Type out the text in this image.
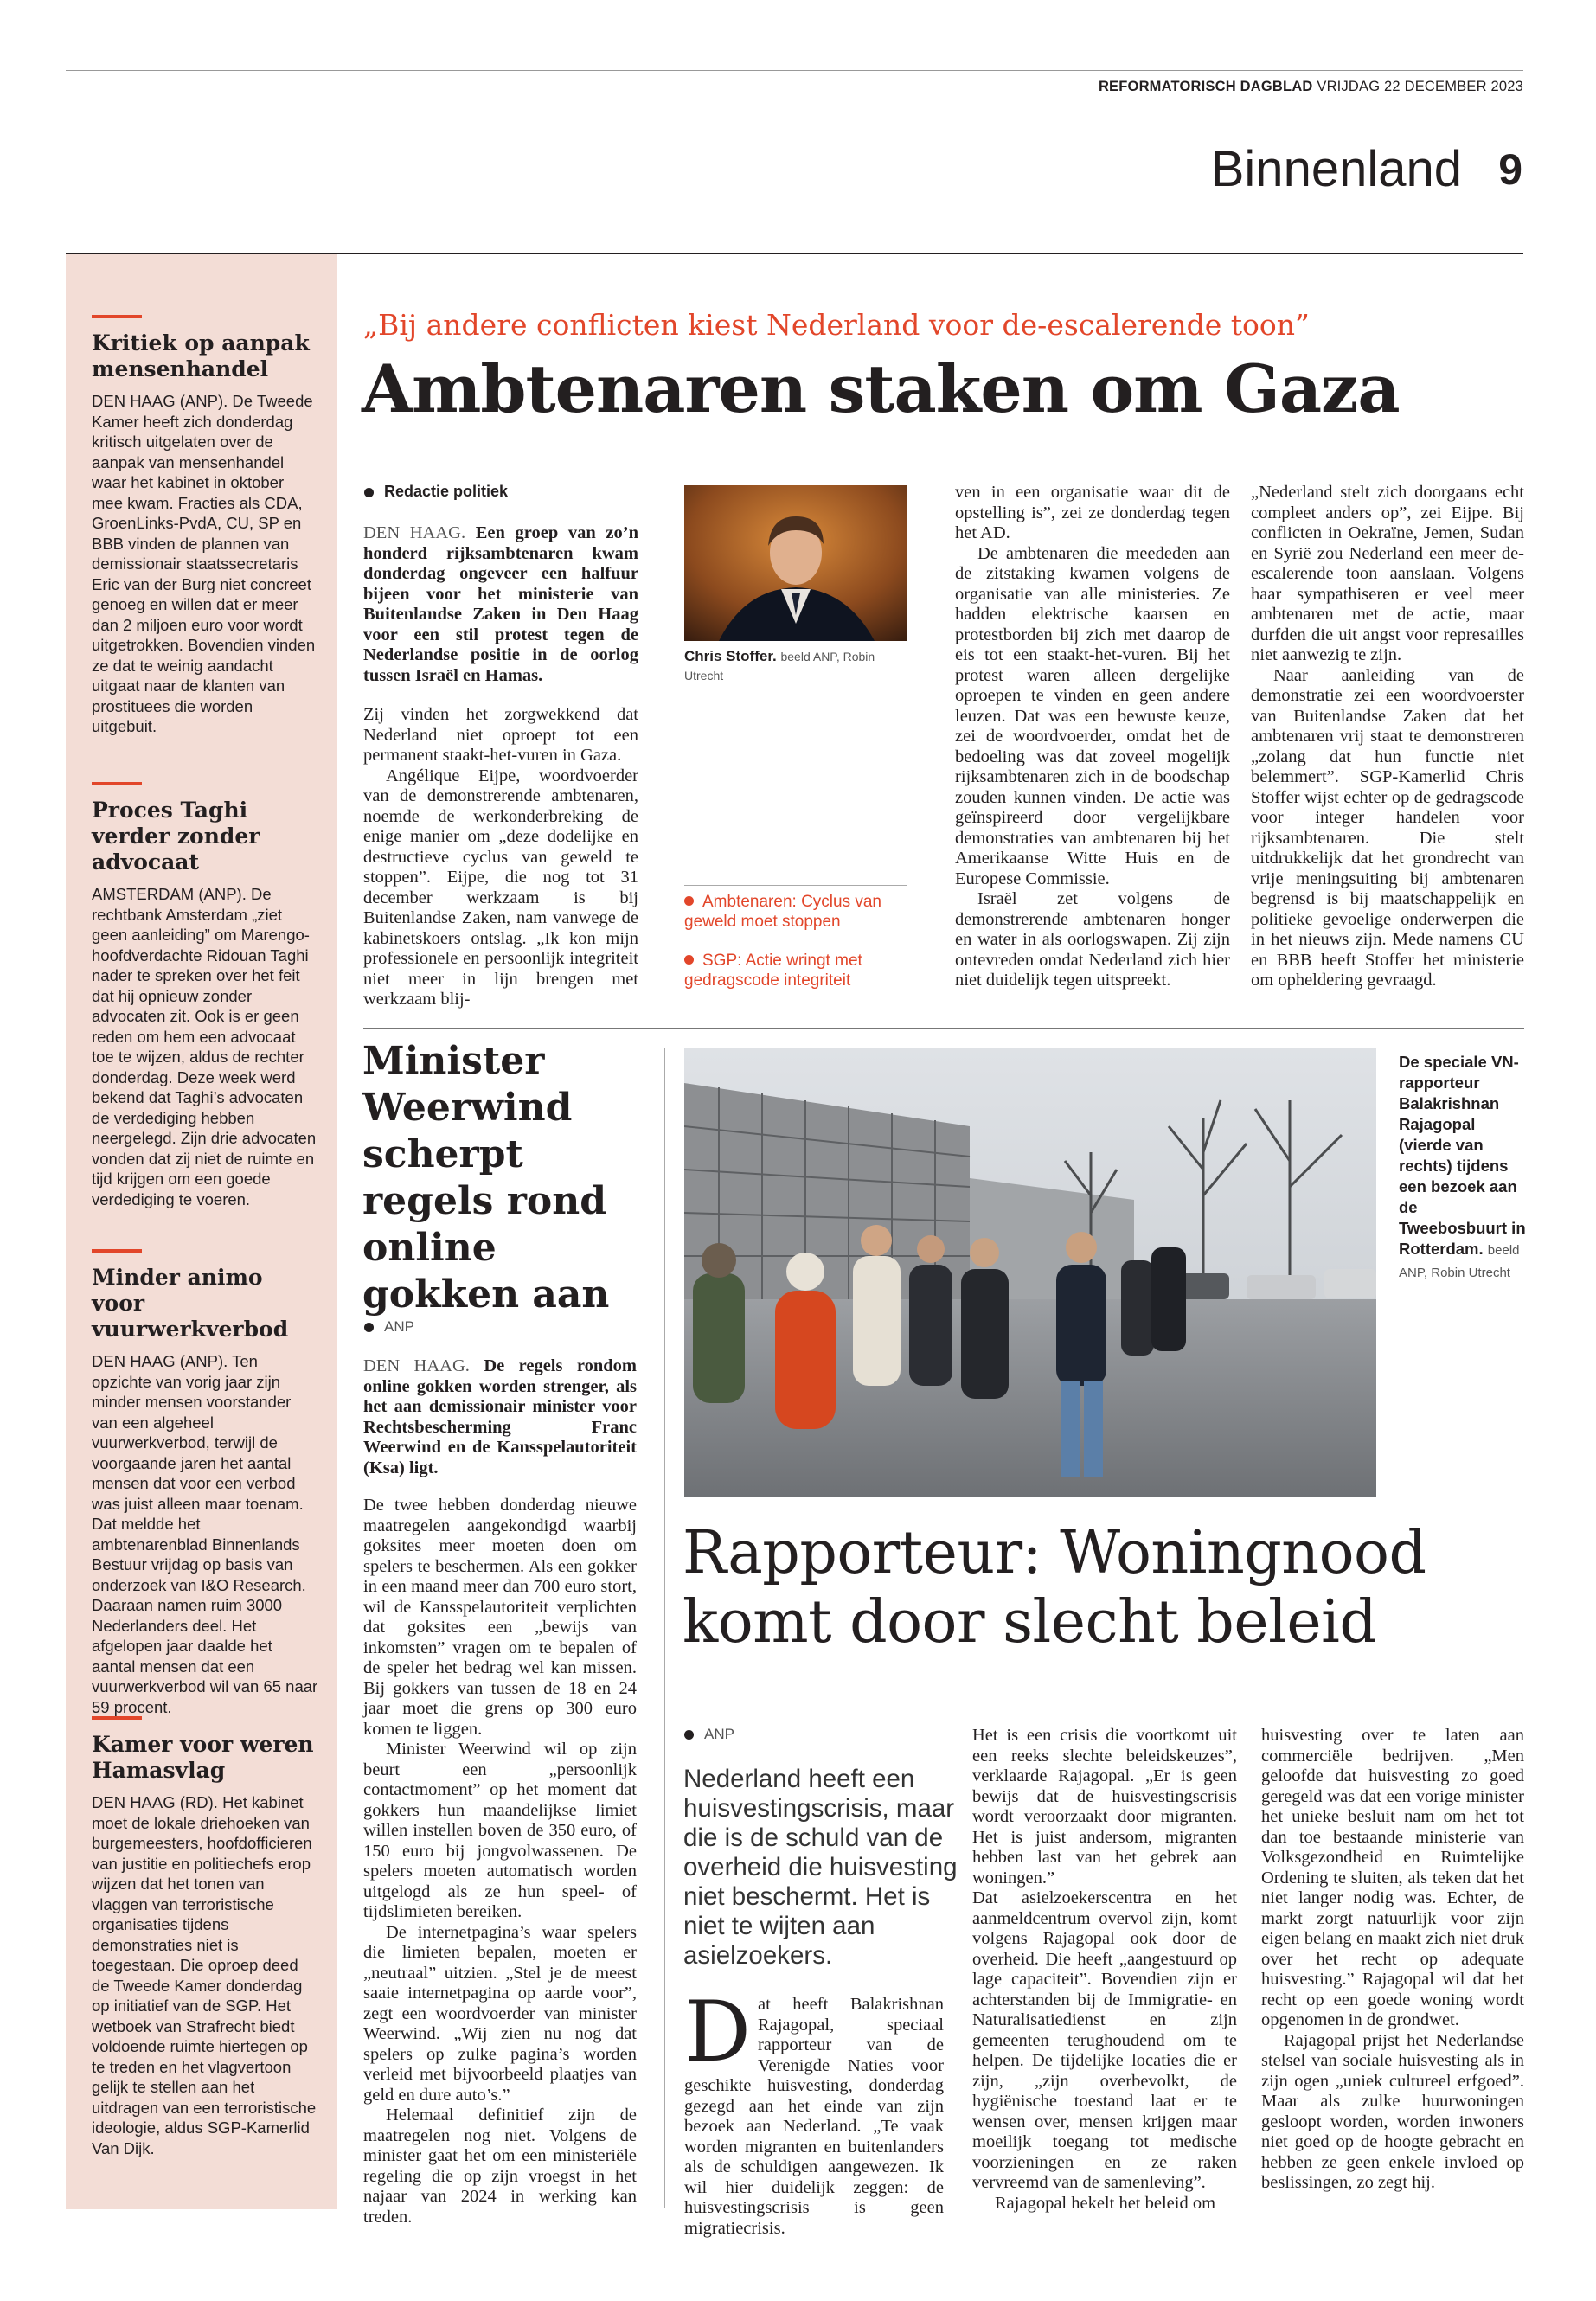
REFORMATORISCH DAGBLAD VRIJDAG 22 DECEMBER 2023
Binnenland 9
Kritiek op aanpak mensenhandel

DEN HAAG (ANP). De Tweede Kamer heeft zich donderdag kritisch uitgelaten over de aanpak van mensenhandel waar het kabinet in oktober mee kwam. Fracties als CDA, GroenLinks-PvdA, CU, SP en BBB vinden de plannen van demissionair staatssecretaris Eric van der Burg niet concreet genoeg en willen dat er meer dan 2 miljoen euro voor wordt uitgetrokken. Bovendien vinden ze dat te weinig aandacht uitgaat naar de klanten van prostituees die worden uitgebuit.

Proces Taghi verder zonder advocaat

AMSTERDAM (ANP). De rechtbank Amsterdam „ziet geen aanleiding” om Marengo-hoofdverdachte Ridouan Taghi nader te spreken over het feit dat hij opnieuw zonder advocaten zit. Ook is er geen reden om hem een advocaat toe te wijzen, aldus de rechter donderdag. Deze week werd bekend dat Taghi’s advocaten de verdediging hebben neergelegd. Zijn drie advocaten vonden dat zij niet de ruimte en tijd krijgen om een goede verdediging te voeren.

Minder animo voor vuurwerkverbod

DEN HAAG (ANP). Ten opzichte van vorig jaar zijn minder mensen voorstander van een algeheel vuurwerkverbod, terwijl de voorgaande jaren het aantal mensen dat voor een verbod was juist alleen maar toenam. Dat meldde het ambtenarenblad Binnenlands Bestuur vrijdag op basis van onderzoek van I&O Research. Daaraan namen ruim 3000 Nederlanders deel. Het afgelopen jaar daalde het aantal mensen dat een vuurwerkverbod wil van 65 naar 59 procent.

Kamer voor weren Hamasvlag

DEN HAAG (RD). Het kabinet moet de lokale driehoeken van burgemeesters, hoofdofficieren van justitie en politiechefs erop wijzen dat het tonen van vlaggen van terroristische organisaties tijdens demonstraties niet is toegestaan. Die oproep deed de Tweede Kamer donderdag op initiatief van de SGP. Het wetboek van Strafrecht biedt voldoende ruimte hiertegen op te treden en het vlagvertoon gelijk te stellen aan het uitdragen van een terroristische ideologie, aldus SGP-Kamerlid Van Dijk.

„Bij andere conflicten kiest Nederland voor de-escalerende toon”
Ambtenaren staken om Gaza
Redactie politiek

DEN HAAG. Een groep van zo’n honderd rijksambtenaren kwam donderdag ongeveer een halfuur bijeen voor het ministerie van Buitenlandse Zaken in Den Haag voor een stil protest tegen de Nederlandse positie in de oorlog tussen Israël en Hamas.

Zij vinden het zorgwekkend dat Nederland niet oproept tot een permanent staakt-het-vuren in Gaza.

Angélique Eijpe, woordvoerder van de demonstrerende ambtenaren, noemde de werkonderbreking de enige manier om „deze dodelijke en destructieve cyclus van geweld te stoppen”. Eijpe, die nog tot 31 december werkzaam is bij Buitenlandse Zaken, nam vanwege de kabinetskoers ontslag. „Ik kon mijn professionele en persoonlijk integriteit niet meer in lijn brengen met werkzaam blij-

Chris Stoffer. beeld ANP, Robin Utrecht
Ambtenaren: Cyclus van geweld moet stoppen
SGP: Actie wringt met gedragscode integriteit

ven in een organisatie waar dit de opstelling is”, zei ze donderdag tegen het AD.

De ambtenaren die meededen aan de zitstaking kwamen volgens de organisatie van alle ministeries. Ze hadden elektrische kaarsen en protestborden bij zich met daarop de eis tot een staakt-het-vuren. Bij het protest waren alleen dergelijke oproepen te vinden en geen andere leuzen. Dat was een bewuste keuze, zei de woordvoerder, omdat het de bedoeling was dat zoveel mogelijk rijksambtenaren zich in de boodschap zouden kunnen vinden. De actie was geïnspireerd door vergelijkbare demonstraties van ambtenaren bij het Amerikaanse Witte Huis en de Europese Commissie.

Israël zet volgens de demonstrerende ambtenaren honger en water in als oorlogswapen. Zij zijn ontevreden omdat Nederland zich hier niet duidelijk tegen uitspreekt.

„Nederland stelt zich doorgaans echt compleet anders op”, zei Eijpe. Bij conflicten in Oekraïne, Jemen, Sudan en Syrië zou Nederland een meer de-escalerende toon aanslaan. Volgens haar sympathiseren er veel meer ambtenaren met de actie, maar durfden die uit angst voor represailles niet aanwezig te zijn.

Naar aanleiding van de demonstratie zei een woordvoerster van Buitenlandse Zaken dat het ambtenaren vrij staat te demonstreren „zolang dat hun functie niet belemmert”. SGP-Kamerlid Chris Stoffer wijst echter op de gedragscode voor integer handelen voor rijksambtenaren. Die stelt uitdrukkelijk dat het grondrecht van vrije meningsuiting bij ambtenaren begrensd is bij maatschappelijk en politieke gevoelige onderwerpen die in het nieuws zijn. Mede namens CU en BBB heeft Stoffer het ministerie om opheldering gevraagd.

Minister Weerwind scherpt regels rond online gokken aan
ANP

DEN HAAG. De regels rondom online gokken worden strenger, als het aan demissionair minister voor Rechtsbescherming Franc Weerwind en de Kansspelautoriteit (Ksa) ligt.

De twee hebben donderdag nieuwe maatregelen aangekondigd waarbij goksites meer moeten doen om spelers te beschermen. Als een gokker in een maand meer dan 700 euro stort, wil de Kansspelautoriteit verplichten dat goksites een „bewijs van inkomsten” vragen om te bepalen of de speler het bedrag wel kan missen. Bij gokkers van tussen de 18 en 24 jaar moet die grens op 300 euro komen te liggen.

Minister Weerwind wil op zijn beurt een „persoonlijk contactmoment” op het moment dat gokkers hun maandelijkse limiet willen instellen boven de 350 euro, of 150 euro bij jongvolwassenen. De spelers moeten automatisch worden uitgelogd als ze hun speel- of tijdslimieten bereiken.

De internetpagina’s waar spelers die limieten bepalen, moeten er „neutraal” uitzien. „Stel je de meest saaie internetpagina op aarde voor”, zegt een woordvoerder van minister Weerwind. „Wij zien nu nog dat spelers op zulke pagina’s worden verleid met bijvoorbeeld plaatjes van geld en dure auto’s.”

Helemaal definitief zijn de maatregelen nog niet. Volgens de minister gaat het om een ministeriële regeling die op zijn vroegst in het najaar van 2024 in werking kan treden.

De speciale VN-rapporteur Balakrishnan Rajagopal (vierde van rechts) tijdens een bezoek aan de Tweebosbuurt in Rotterdam. beeld ANP, Robin Utrecht
Rapporteur: Woningnood komt door slecht beleid
ANP
Nederland heeft een huisvestingscrisis, maar die is de schuld van de overheid die huisvesting niet beschermt. Het is niet te wijten aan asielzoekers.

Dat heeft Balakrishnan Rajagopal, speciaal rapporteur van de Verenigde Naties voor geschikte huisvesting, donderdag gezegd aan het einde van zijn bezoek aan Nederland. „Te vaak worden migranten en buitenlanders als de schuldigen aangewezen. Ik wil hier duidelijk zeggen: de huisvestingscrisis is geen migratiecrisis.

Het is een crisis die voortkomt uit een reeks slechte beleidskeuzes”, verklaarde Rajagopal. „Er is geen bewijs dat de huisvestingscrisis wordt veroorzaakt door migranten. Het is juist andersom, migranten hebben last van het gebrek aan woningen.”

Dat asielzoekerscentra en het aanmeldcentrum overvol zijn, komt volgens Rajagopal ook door de overheid. Die heeft „aangestuurd op lage capaciteit”. Bovendien zijn er achterstanden bij de Immigratie- en Naturalisatiedienst en zijn gemeenten terughoudend om te helpen. De tijdelijke locaties die er zijn, „zijn overbevolkt, de hygiënische toestand laat er te wensen over, mensen krijgen maar moeilijk toegang tot medische voorzieningen en ze raken vervreemd van de samenleving”.

Rajagopal hekelt het beleid om

huisvesting over te laten aan commerciële bedrijven. „Men geloofde dat huisvesting zo goed geregeld was dat een vorige minister het unieke besluit nam om het tot dan toe bestaande ministerie van Volksgezondheid en Ruimtelijke Ordening te sluiten, als teken dat het niet langer nodig was. Echter, de markt zorgt natuurlijk voor zijn eigen belang en maakt zich niet druk over het recht op adequate huisvesting.” Rajagopal wil dat het recht op een goede woning wordt opgenomen in de grondwet.

Rajagopal prijst het Nederlandse stelsel van sociale huisvesting als in zijn ogen „uniek cultureel erfgoed”. Maar als zulke huurwoningen gesloopt worden, worden inwoners niet goed op de hoogte gebracht en hebben ze geen enkele invloed op beslissingen, zo zegt hij.
